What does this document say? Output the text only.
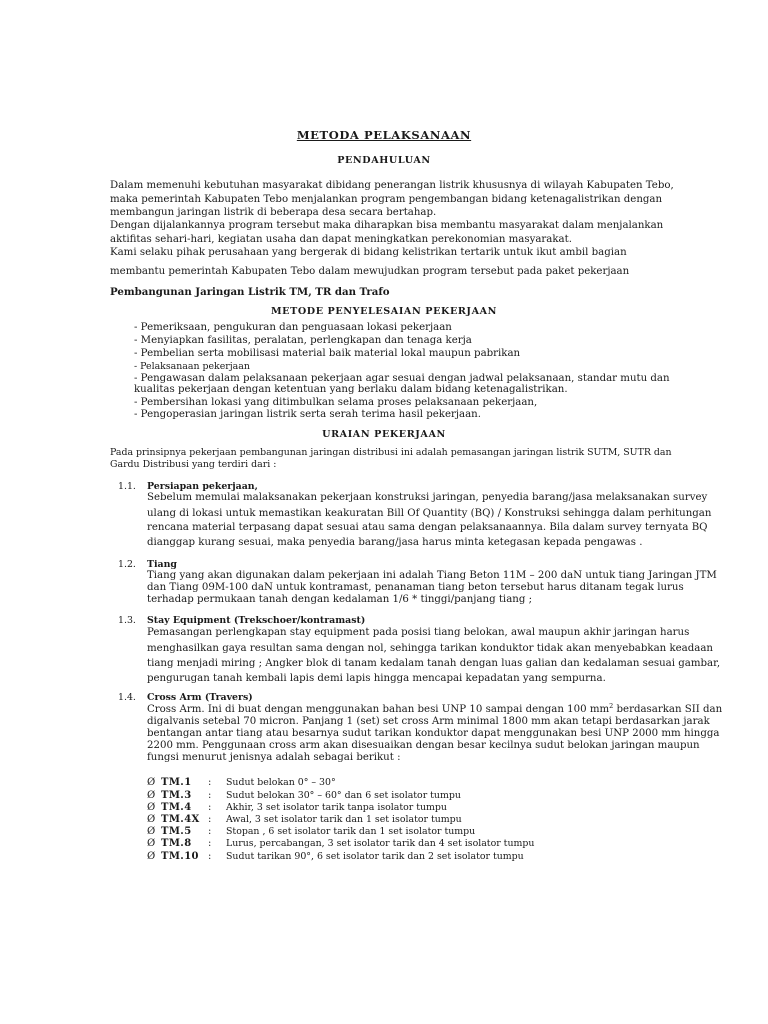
METODA PELAKSANAAN
PENDAHULUAN
Dalam memenuhi kebutuhan masyarakat dibidang penerangan listrik khususnya di wilayah Kabupaten Tebo,
maka pemerintah Kabupaten Tebo menjalankan program pengembangan bidang ketenagalistrikan dengan
membangun jaringan listrik di beberapa desa secara bertahap.
Dengan dijalankannya program tersebut maka diharapkan bisa membantu masyarakat dalam menjalankan
aktifitas sehari-hari, kegiatan usaha dan dapat meningkatkan perekonomian masyarakat.
Kami selaku pihak perusahaan yang bergerak di bidang kelistrikan tertarik untuk ikut ambil bagian
membantu pemerintah Kabupaten Tebo dalam mewujudkan program tersebut pada paket pekerjaan
Pembangunan Jaringan Listrik TM, TR dan Trafo
METODE PENYELESAIAN PEKERJAAN
- Pemeriksaan, pengukuran dan penguasaan lokasi pekerjaan
- Menyiapkan fasilitas, peralatan, perlengkapan dan tenaga kerja
- Pembelian serta mobilisasi material baik material lokal maupun pabrikan
- Pelaksanaan pekerjaan
- Pengawasan dalam pelaksanaan pekerjaan agar sesuai dengan jadwal pelaksanaan, standar mutu dan
kualitas pekerjaan dengan ketentuan yang berlaku dalam bidang ketenagalistrikan.
- Pembersihan lokasi yang ditimbulkan selama proses pelaksanaan pekerjaan,
- Pengoperasian jaringan listrik serta serah terima hasil pekerjaan.
URAIAN PEKERJAAN
Pada prinsipnya pekerjaan pembangunan jaringan distribusi ini adalah pemasangan jaringan listrik SUTM, SUTR dan
Gardu Distribusi yang terdiri dari :
1.1. Persiapan pekerjaan,
Sebelum memulai malaksanakan pekerjaan konstruksi jaringan, penyedia barang/jasa melaksanakan survey
ulang di lokasi untuk memastikan keakuratan Bill Of Quantity (BQ) / Konstruksi sehingga dalam perhitungan
rencana material terpasang dapat sesuai atau sama dengan pelaksanaannya. Bila dalam survey ternyata BQ
dianggap kurang sesuai, maka penyedia barang/jasa harus minta ketegasan kepada pengawas .
1.2. Tiang
Tiang yang akan digunakan dalam pekerjaan ini adalah Tiang Beton 11M – 200 daN untuk tiang Jaringan JTM
dan Tiang 09M-100 daN untuk kontramast, penanaman tiang beton tersebut harus ditanam tegak lurus
terhadap permukaan tanah dengan kedalaman 1/6 * tinggi/panjang tiang ;
1.3. Stay Equipment (Trekschoer/kontramast)
Pemasangan perlengkapan stay equipment pada posisi tiang belokan, awal maupun akhir jaringan harus
menghasilkan gaya resultan sama dengan nol, sehingga tarikan konduktor tidak akan menyebabkan keadaan
tiang menjadi miring ; Angker blok di tanam kedalam tanah dengan luas galian dan kedalaman sesuai gambar,
pengurugan tanah kembali lapis demi lapis hingga mencapai kepadatan yang sempurna.
1.4. Cross Arm (Travers)
Cross Arm. Ini di buat dengan menggunakan bahan besi UNP 10 sampai dengan 100 $mm^2$ berdasarkan SII dan
digalvanis setebal 70 micron. Panjang 1 (set) set cross Arm minimal 1800 mm akan tetapi berdasarkan jarak
bentangan antar tiang atau besarnya sudut tarikan konduktor dapat menggunakan besi UNP 2000 mm hingga
2200 mm. Penggunaan cross arm akan disesuaikan dengan besar kecilnya sudut belokan jaringan maupun
fungsi menurut jenisnya adalah sebagai berikut :
Ø TM.1 : Sudut belokan 0° – 30°
Ø TM.3 : Sudut belokan 30° – 60° dan 6 set isolator tumpu
Ø TM.4 : Akhir, 3 set isolator tarik tanpa isolator tumpu
Ø TM.4X : Awal, 3 set isolator tarik dan 1 set isolator tumpu
Ø TM.5 : Stopan , 6 set isolator tarik dan 1 set isolator tumpu
Ø TM.8 : Lurus, percabangan, 3 set isolator tarik dan 4 set isolator tumpu
Ø TM.10 : Sudut tarikan 90°, 6 set isolator tarik dan 2 set isolator tumpu
